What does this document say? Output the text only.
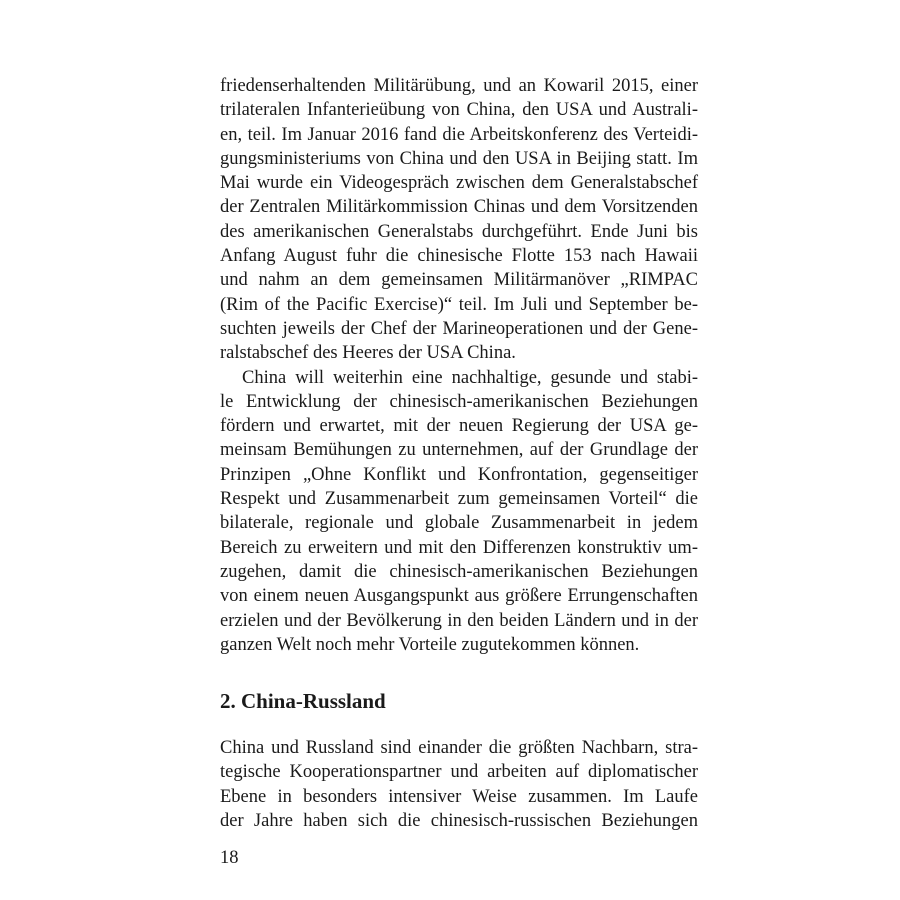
friedenserhaltenden Militärübung, und an Kowaril 2015, einer
trilateralen Infanterieübung von China, den USA und Australi-
en, teil. Im Januar 2016 fand die Arbeitskonferenz des Verteidi-
gungsministeriums von China und den USA in Beijing statt. Im
Mai wurde ein Videogespräch zwischen dem Generalstabschef
der Zentralen Militärkommission Chinas und dem Vorsitzenden
des amerikanischen Generalstabs durchgeführt. Ende Juni bis
Anfang August fuhr die chinesische Flotte 153 nach Hawaii
und nahm an dem gemeinsamen Militärmanöver „RIMPAC
(Rim of the Pacific Exercise)“ teil. Im Juli und September be-
suchten jeweils der Chef der Marineoperationen und der Gene-
ralstabschef des Heeres der USA China.
China will weiterhin eine nachhaltige, gesunde und stabi-
le Entwicklung der chinesisch-amerikanischen Beziehungen
fördern und erwartet, mit der neuen Regierung der USA ge-
meinsam Bemühungen zu unternehmen, auf der Grundlage der
Prinzipen „Ohne Konflikt und Konfrontation, gegenseitiger
Respekt und Zusammenarbeit zum gemeinsamen Vorteil“ die
bilaterale, regionale und globale Zusammenarbeit in jedem
Bereich zu erweitern und mit den Differenzen konstruktiv um-
zugehen, damit die chinesisch-amerikanischen Beziehungen
von einem neuen Ausgangspunkt aus größere Errungenschaften
erzielen und der Bevölkerung in den beiden Ländern und in der
ganzen Welt noch mehr Vorteile zugutekommen können.
2. China-Russland
China und Russland sind einander die größten Nachbarn, stra-
tegische Kooperationspartner und arbeiten auf diplomatischer
Ebene in besonders intensiver Weise zusammen. Im Laufe
der Jahre haben sich die chinesisch-russischen Beziehungen
18
